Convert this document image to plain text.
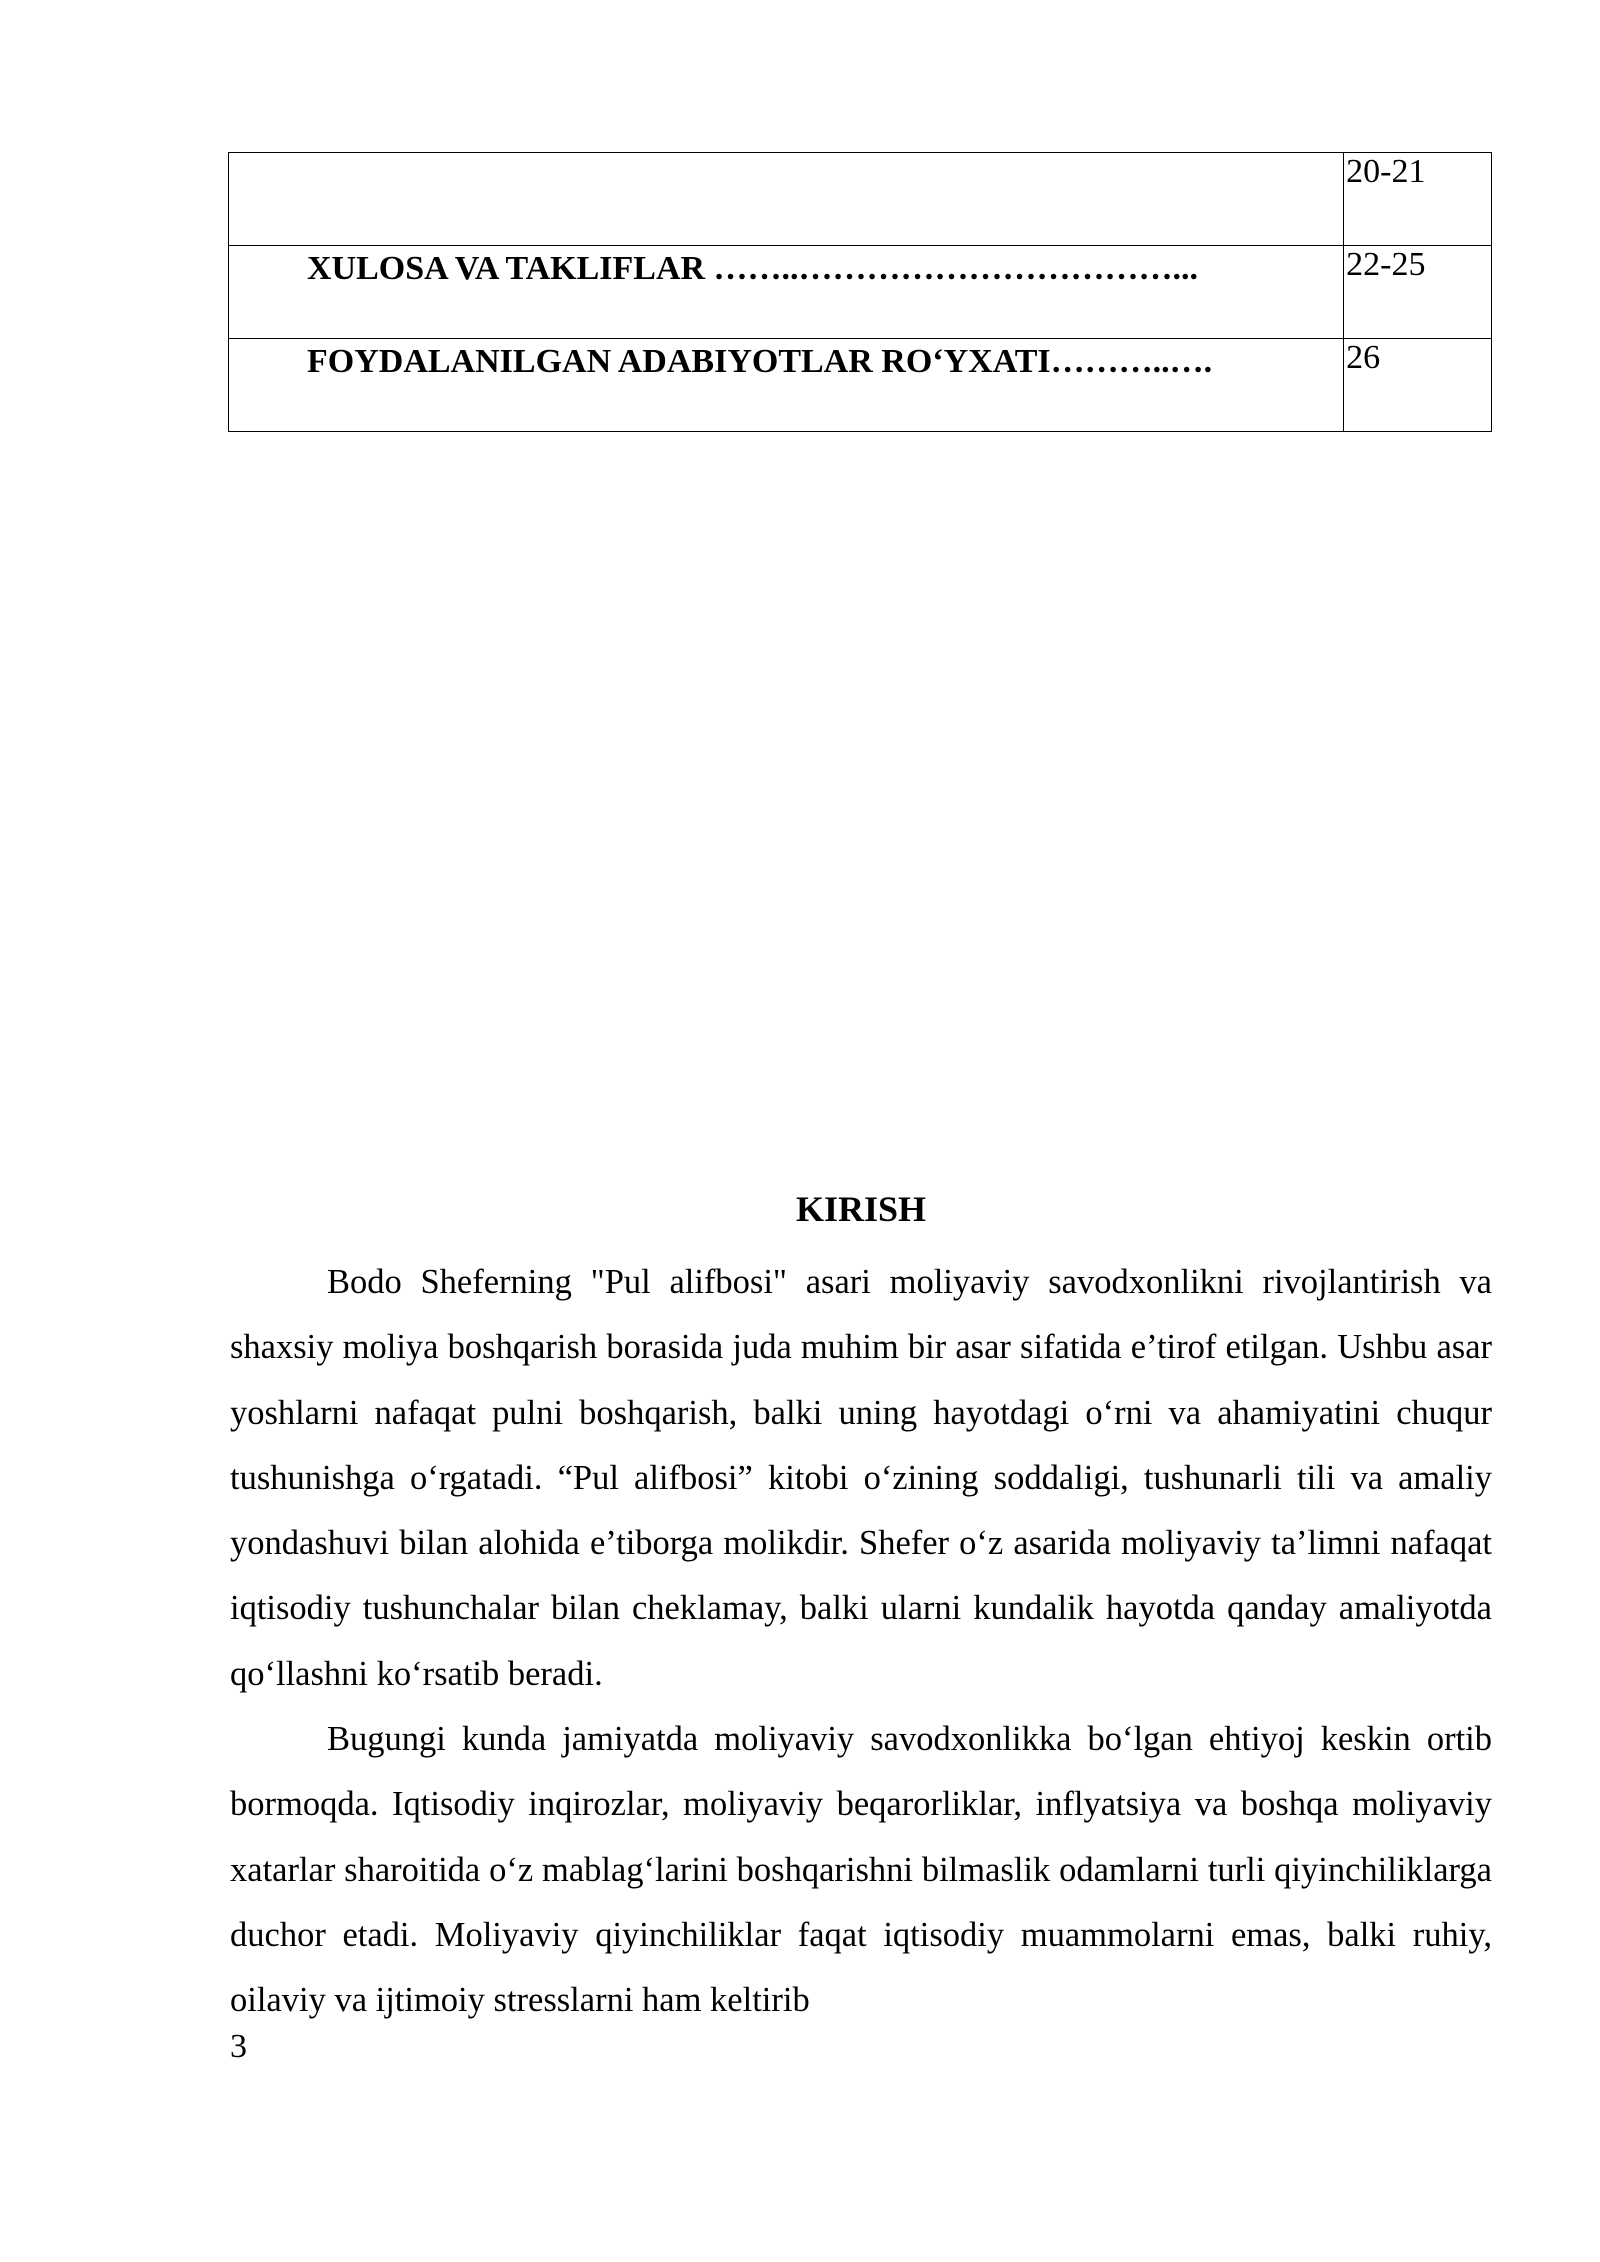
	20-21
XULOSA VA TAKLIFLAR ……..……………………………...	22-25
FOYDALANILGAN ADABIYOTLAR RO‘YXATI………..….	26
KIRISH

Bodo Sheferning "Pul alifbosi" asari moliyaviy savodxonlikni rivojlantirish va shaxsiy moliya boshqarish borasida juda muhim bir asar sifatida e’tirof etilgan. Ushbu asar yoshlarni nafaqat pulni boshqarish, balki uning hayotdagi o‘rni va ahamiyatini chuqur tushunishga o‘rgatadi. “Pul alifbosi” kitobi o‘zining soddaligi, tushunarli tili va amaliy yondashuvi bilan alohida e’tiborga molikdir. Shefer o‘z asarida moliyaviy ta’limni nafaqat iqtisodiy tushunchalar bilan cheklamay, balki ularni kundalik hayotda qanday amaliyotda qo‘llashni ko‘rsatib beradi.

Bugungi kunda jamiyatda moliyaviy savodxonlikka bo‘lgan ehtiyoj keskin ortib bormoqda. Iqtisodiy inqirozlar, moliyaviy beqarorliklar, inflyatsiya va boshqa moliyaviy xatarlar sharoitida o‘z mablag‘larini boshqarishni bilmaslik odamlarni turli qiyinchiliklarga duchor etadi. Moliyaviy qiyinchiliklar faqat iqtisodiy muammolarni emas, balki ruhiy, oilaviy va ijtimoiy stresslarni ham keltirib

3
